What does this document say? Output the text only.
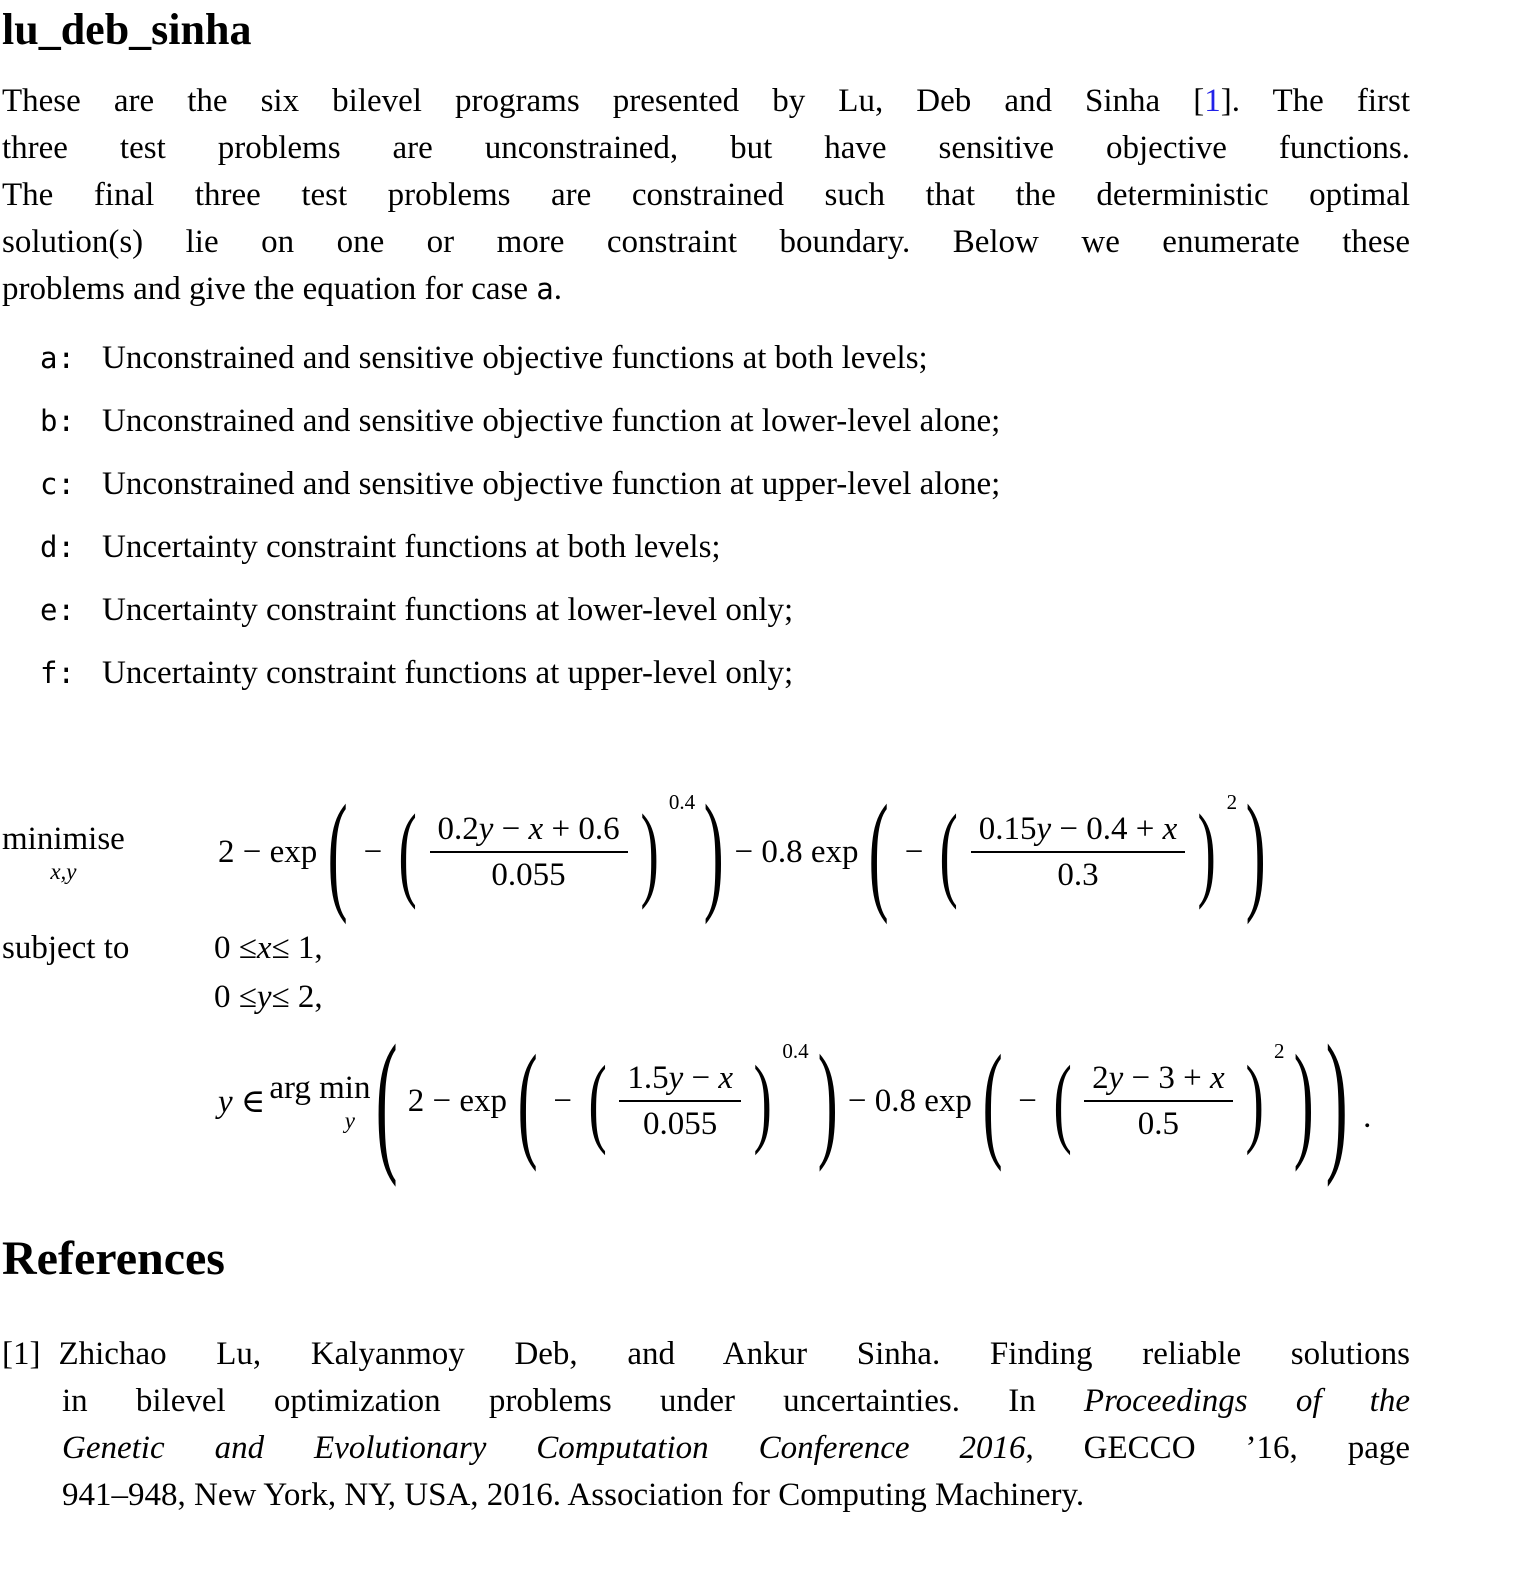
lu_deb_sinha
These are the six bilevel programs presented by Lu, Deb and Sinha [1]. The first
three test problems are unconstrained, but have sensitive objective functions.
The final three test problems are constrained such that the deterministic optimal
solution(s) lie on one or more constraint boundary. Below we enumerate these
problems and give the equation for case a.
a: Unconstrained and sensitive objective functions at both levels;
b: Unconstrained and sensitive objective function at lower-level alone;
c: Unconstrained and sensitive objective function at upper-level alone;
d: Uncertainty constraint functions at both levels;
e: Uncertainty constraint functions at lower-level only;
f: Uncertainty constraint functions at upper-level only;
minimise
x,y
2 − exp ( − ( $\frac{0.2y - x + 0.6}{0.055}$ ) 0.4 ) − 0.8 exp ( − ( $\frac{0.15y - 0.4 + x}{0.3}$ ) 2 )
subject to	0 ≤ x ≤ 1,
0 ≤ y ≤ 2,
y ∈ arg min
y ( 2 − exp ( − ( $\frac{1.5y - x}{0.055}$ ) 0.4 ) − 0.8 exp ( − ( $\frac{2y - 3 + x}{0.5}$ ) 2 ) ) .
References
[1] Zhichao Lu, Kalyanmoy Deb, and Ankur Sinha. Finding reliable solutions
in bilevel optimization problems under uncertainties. In Proceedings of the
Genetic and Evolutionary Computation Conference 2016, GECCO ’16, page
941–948, New York, NY, USA, 2016. Association for Computing Machinery.
